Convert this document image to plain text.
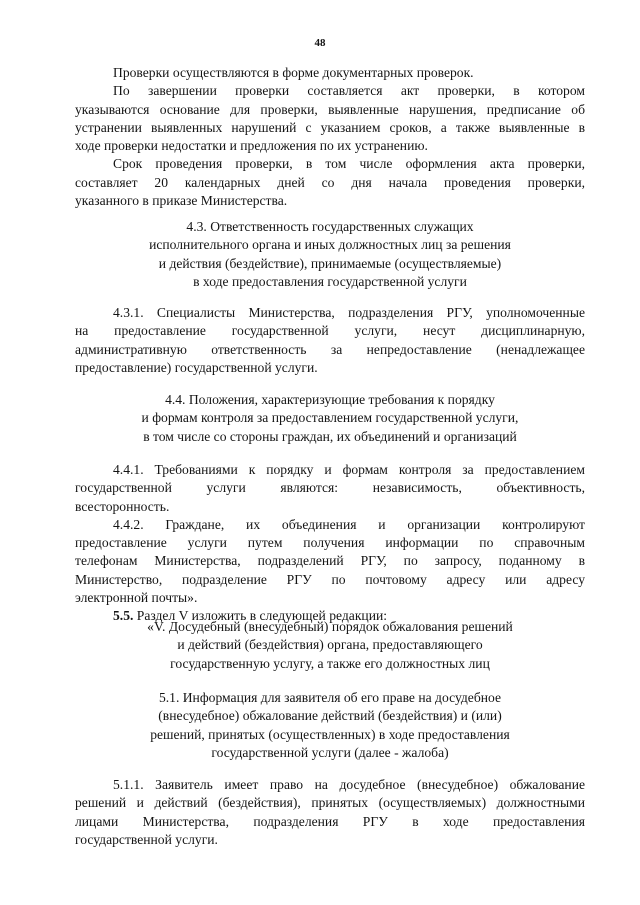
48
Проверки осуществляются в форме документарных проверок.
По завершении проверки составляется акт проверки, в котором
указываются основание для проверки, выявленные нарушения, предписание об
устранении выявленных нарушений с указанием сроков, а также выявленные в
ходе проверки недостатки и предложения по их устранению.
Срок проведения проверки, в том числе оформления акта проверки,
составляет 20 календарных дней со дня начала проведения проверки,
указанного в приказе Министерства.
4.3. Ответственность государственных служащих
исполнительного органа и иных должностных лиц за решения
и действия (бездействие), принимаемые (осуществляемые)
в ходе предоставления государственной услуги
4.3.1. Специалисты Министерства, подразделения РГУ, уполномоченные
на предоставление государственной услуги, несут дисциплинарную,
административную ответственность за непредоставление (ненадлежащее
предоставление) государственной услуги.
4.4. Положения, характеризующие требования к порядку
и формам контроля за предоставлением государственной услуги,
в том числе со стороны граждан, их объединений и организаций
4.4.1. Требованиями к порядку и формам контроля за предоставлением
государственной услуги являются: независимость, объективность,
всесторонность.
4.4.2. Граждане, их объединения и организации контролируют
предоставление услуги путем получения информации по справочным
телефонам Министерства, подразделений РГУ, по запросу, поданному в
Министерство, подразделение РГУ по почтовому адресу или адресу
электронной почты».
5.5. Раздел V изложить в следующей редакции:
«V. Досудебный (внесудебный) порядок обжалования решений
и действий (бездействия) органа, предоставляющего
государственную услугу, а также его должностных лиц
5.1. Информация для заявителя об его праве на досудебное
(внесудебное) обжалование действий (бездействия) и (или)
решений, принятых (осуществленных) в ходе предоставления
государственной услуги (далее - жалоба)
5.1.1. Заявитель имеет право на досудебное (внесудебное) обжалование
решений и действий (бездействия), принятых (осуществляемых) должностными
лицами Министерства, подразделения РГУ в ходе предоставления
государственной услуги.
